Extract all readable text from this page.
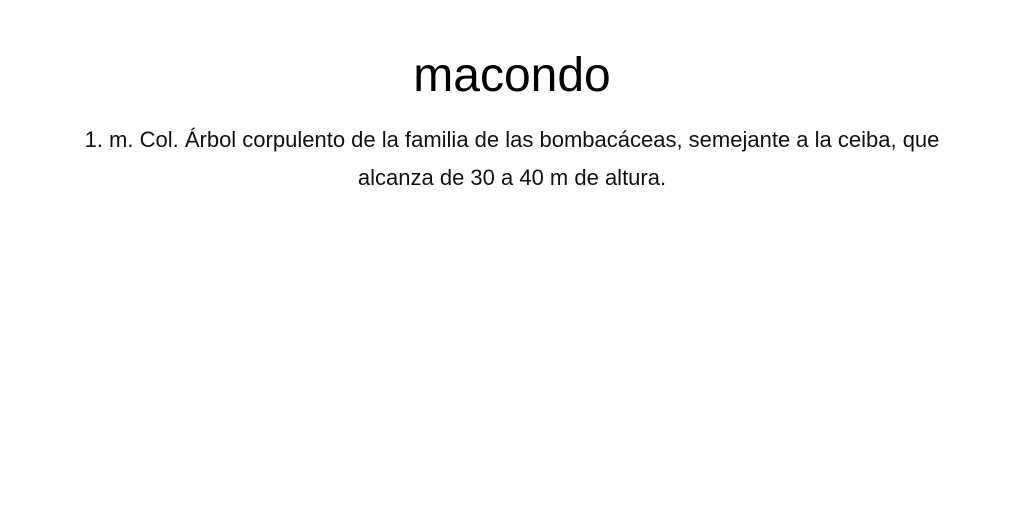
macondo

1. m. Col. Árbol corpulento de la familia de las bombacáceas, semejante a la ceiba, que alcanza de 30 a 40 m de altura.
